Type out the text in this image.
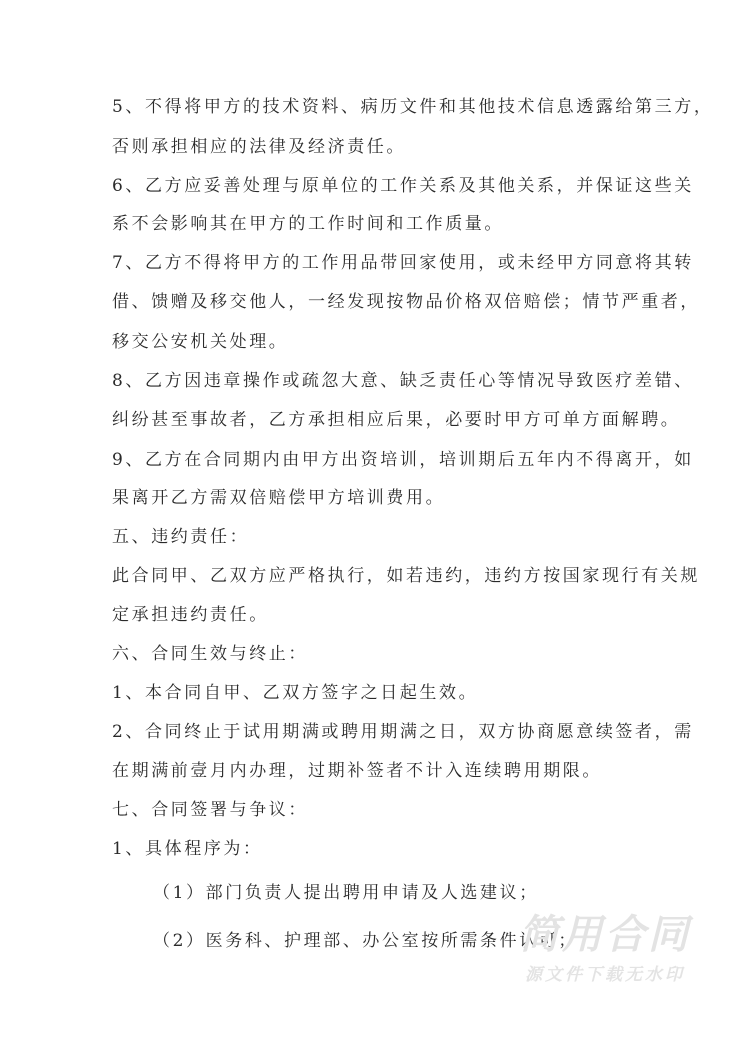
5、不得将甲方的技术资料、病历文件和其他技术信息透露给第三方，

否则承担相应的法律及经济责任。

6、乙方应妥善处理与原单位的工作关系及其他关系，并保证这些关

系不会影响其在甲方的工作时间和工作质量。

7、乙方不得将甲方的工作用品带回家使用，或未经甲方同意将其转

借、馈赠及移交他人，一经发现按物品价格双倍赔偿；情节严重者，

移交公安机关处理。

8、乙方因违章操作或疏忽大意、缺乏责任心等情况导致医疗差错、

纠纷甚至事故者，乙方承担相应后果，必要时甲方可单方面解聘。

9、乙方在合同期内由甲方出资培训，培训期后五年内不得离开，如

果离开乙方需双倍赔偿甲方培训费用。

五、违约责任：

此合同甲、乙双方应严格执行，如若违约，违约方按国家现行有关规

定承担违约责任。

六、合同生效与终止：

1、本合同自甲、乙双方签字之日起生效。

2、合同终止于试用期满或聘用期满之日，双方协商愿意续签者，需

在期满前壹月内办理，过期补签者不计入连续聘用期限。

七、合同签署与争议：

1、具体程序为：

（1）部门负责人提出聘用申请及人选建议；

（2）医务科、护理部、办公室按所需条件认可；

简用合同
源文件下载无水印
